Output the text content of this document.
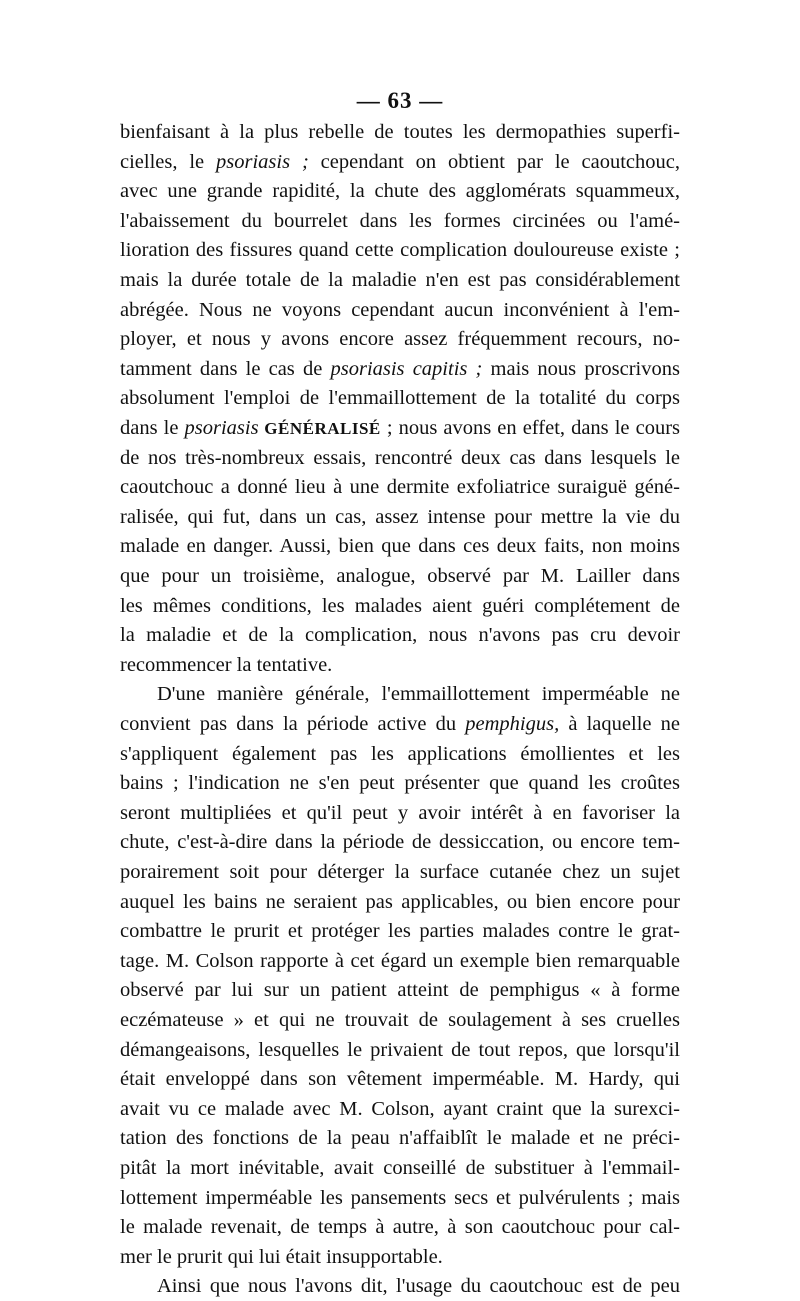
— 63 —
bienfaisant à la plus rebelle de toutes les dermopathies superfi-
cielles, le psoriasis ; cependant on obtient par le caoutchouc,
avec une grande rapidité, la chute des agglomérats squammeux,
l'abaissement du bourrelet dans les formes circinées ou l'amé-
lioration des fissures quand cette complication douloureuse existe ;
mais la durée totale de la maladie n'en est pas considérablement
abrégée. Nous ne voyons cependant aucun inconvénient à l'em-
ployer, et nous y avons encore assez fréquemment recours, no-
tamment dans le cas de psoriasis capitis ; mais nous proscrivons
absolument l'emploi de l'emmaillottement de la totalité du corps
dans le psoriasis GÉNÉRALISÉ ; nous avons en effet, dans le cours
de nos très-nombreux essais, rencontré deux cas dans lesquels le
caoutchouc a donné lieu à une dermite exfoliatrice suraiguë géné-
ralisée, qui fut, dans un cas, assez intense pour mettre la vie du
malade en danger. Aussi, bien que dans ces deux faits, non moins
que pour un troisième, analogue, observé par M. Lailler dans
les mêmes conditions, les malades aient guéri complétement de
la maladie et de la complication, nous n'avons pas cru devoir
recommencer la tentative.
D'une manière générale, l'emmaillottement imperméable ne
convient pas dans la période active du pemphigus, à laquelle ne
s'appliquent également pas les applications émollientes et les
bains ; l'indication ne s'en peut présenter que quand les croûtes
seront multipliées et qu'il peut y avoir intérêt à en favoriser la
chute, c'est-à-dire dans la période de dessiccation, ou encore tem-
porairement soit pour déterger la surface cutanée chez un sujet
auquel les bains ne seraient pas applicables, ou bien encore pour
combattre le prurit et protéger les parties malades contre le grat-
tage. M. Colson rapporte à cet égard un exemple bien remarquable
observé par lui sur un patient atteint de pemphigus « à forme
eczémateuse » et qui ne trouvait de soulagement à ses cruelles
démangeaisons, lesquelles le privaient de tout repos, que lorsqu'il
était enveloppé dans son vêtement imperméable. M. Hardy, qui
avait vu ce malade avec M. Colson, ayant craint que la surexci-
tation des fonctions de la peau n'affaiblît le malade et ne préci-
pitât la mort inévitable, avait conseillé de substituer à l'emmail-
lottement imperméable les pansements secs et pulvérulents ; mais
le malade revenait, de temps à autre, à son caoutchouc pour cal-
mer le prurit qui lui était insupportable.
Ainsi que nous l'avons dit, l'usage du caoutchouc est de peu
